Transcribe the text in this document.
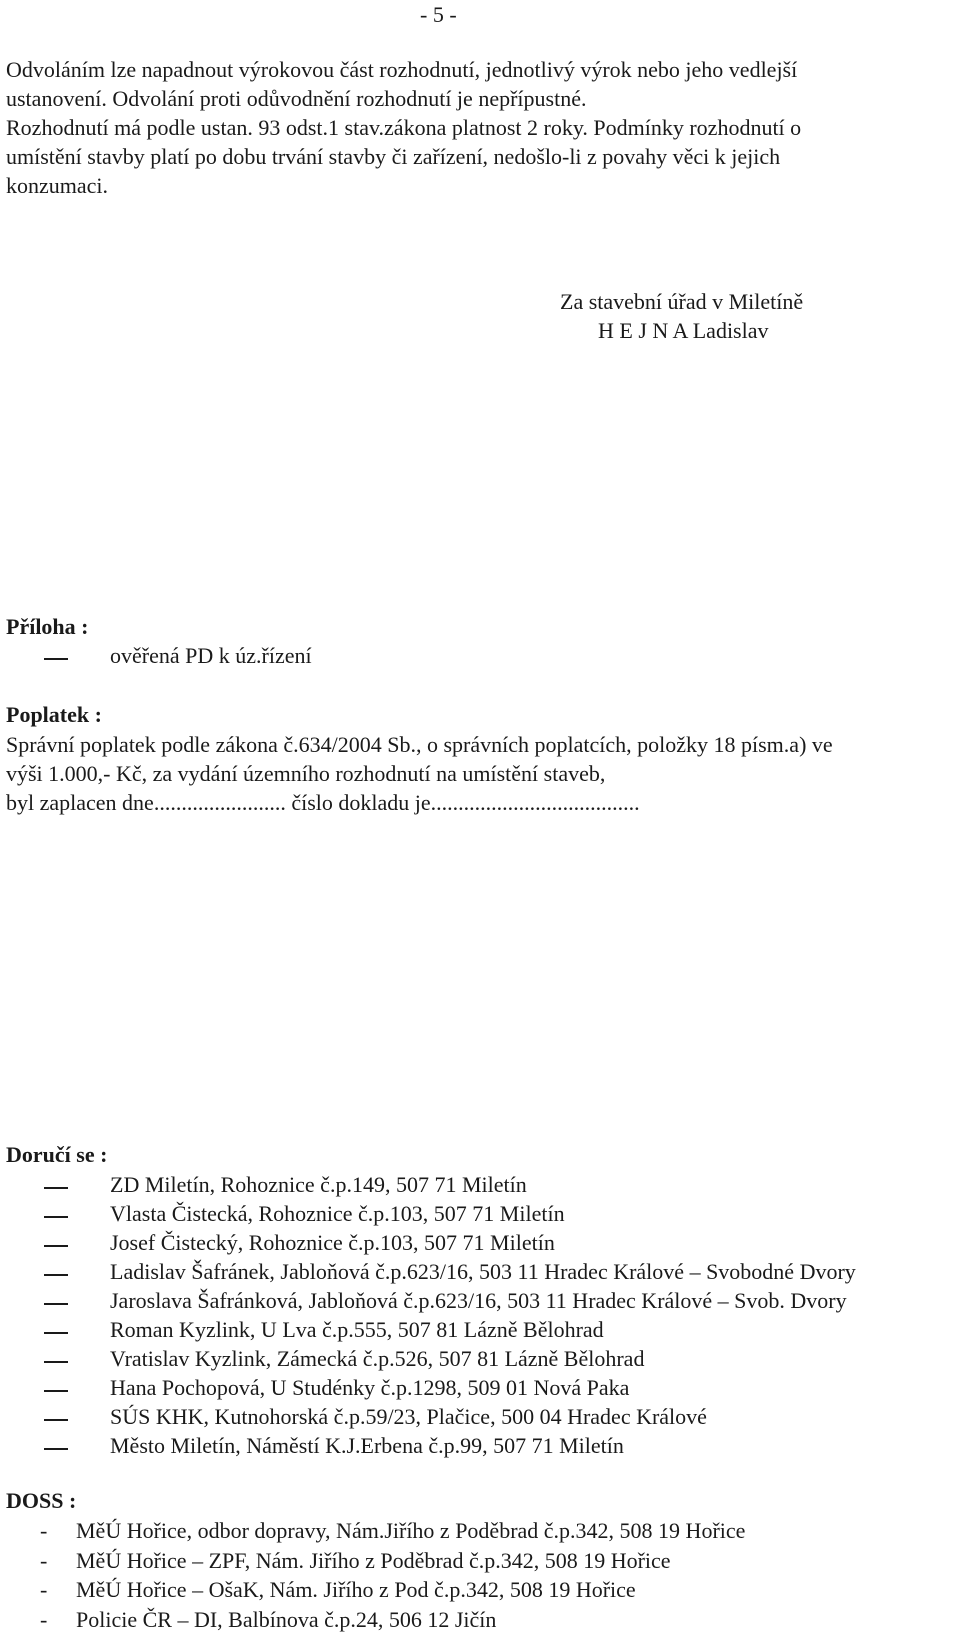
- 5 -
Odvoláním lze napadnout výrokovou část rozhodnutí, jednotlivý výrok nebo jeho vedlejší
ustanovení. Odvolání proti odůvodnění rozhodnutí je nepřípustné.
Rozhodnutí má podle ustan. 93 odst.1 stav.zákona platnost 2 roky. Podmínky rozhodnutí o
umístění stavby platí po dobu trvání stavby či zařízení, nedošlo-li z povahy věci k jejich
konzumaci.
Za stavební úřad v Miletíně
H E J N A Ladislav
Příloha :
ověřená PD k úz.řízení
Poplatek :
Správní poplatek podle zákona č.634/2004 Sb., o správních poplatcích, položky 18 písm.a) ve
výši 1.000,- Kč, za vydání územního rozhodnutí na umístění staveb,
byl zaplacen dne........................ číslo dokladu je......................................
Doručí se :
ZD Miletín, Rohoznice č.p.149, 507 71 Miletín
Vlasta Čistecká, Rohoznice č.p.103, 507 71 Miletín
Josef Čistecký, Rohoznice č.p.103, 507 71 Miletín
Ladislav Šafránek, Jabloňová č.p.623/16, 503 11 Hradec Králové – Svobodné Dvory
Jaroslava Šafránková, Jabloňová č.p.623/16, 503 11 Hradec Králové – Svob. Dvory
Roman Kyzlink, U Lva č.p.555, 507 81 Lázně Bělohrad
Vratislav Kyzlink, Zámecká č.p.526, 507 81 Lázně Bělohrad
Hana Pochopová, U Studénky č.p.1298, 509 01 Nová Paka
SÚS KHK, Kutnohorská č.p.59/23, Plačice, 500 04 Hradec Králové
Město Miletín, Náměstí K.J.Erbena č.p.99, 507 71 Miletín
DOSS :
- MěÚ Hořice, odbor dopravy, Nám.Jiřího z Poděbrad č.p.342, 508 19 Hořice
- MěÚ Hořice – ZPF, Nám. Jiřího z Poděbrad č.p.342, 508 19 Hořice
- MěÚ Hořice – OšaK, Nám. Jiřího z Pod č.p.342, 508 19 Hořice
- Policie ČR – DI, Balbínova č.p.24, 506 12 Jičín
